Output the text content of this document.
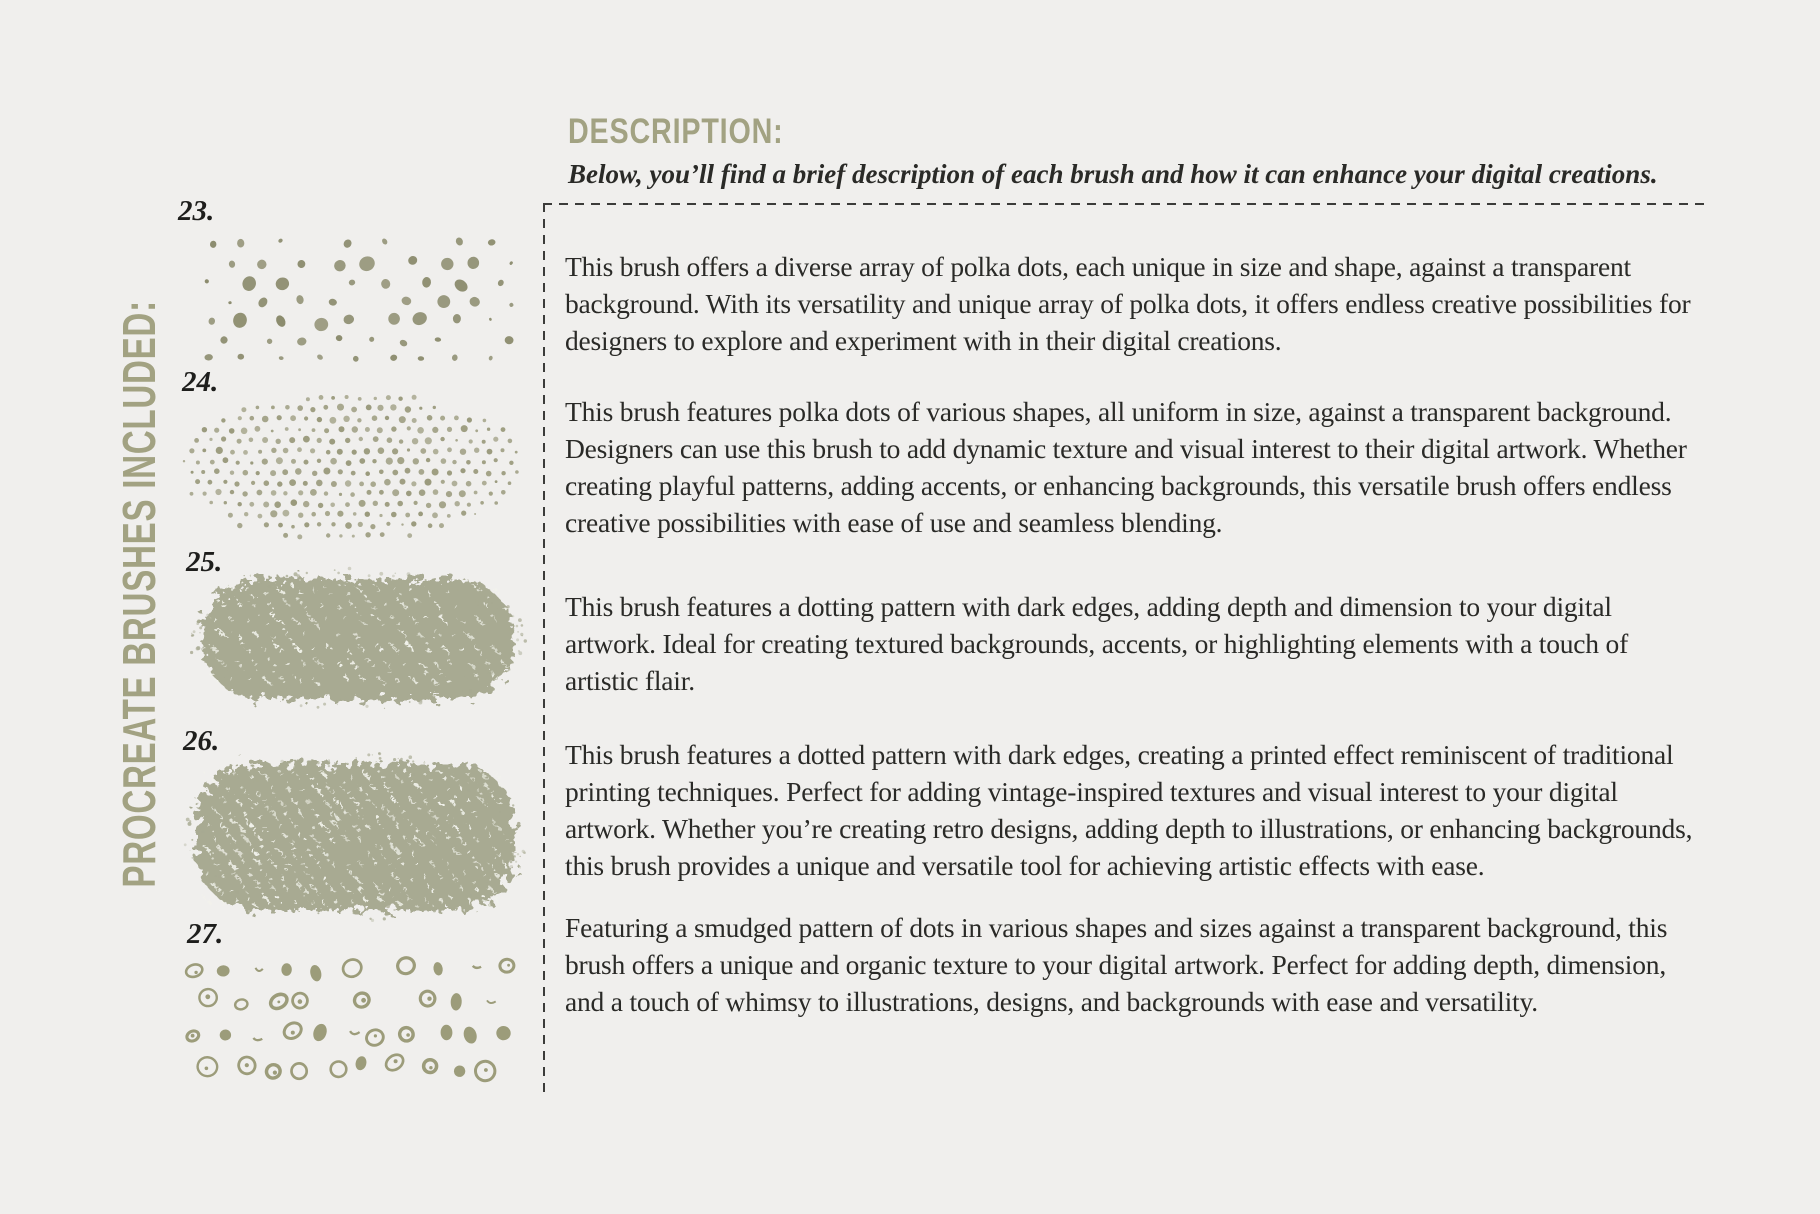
PROCREATE BRUSHES INCLUDED:
23.
24.
25.
26.
27.
DESCRIPTION:

Below, you’ll find a brief description of each brush and how it can enhance your digital creations.

This brush offers a diverse array of polka dots, each unique in size and shape, against a transparent background. With its versatility and unique array of polka dots, it offers endless creative possibilities for designers to explore and experiment with in their digital creations.

This brush features polka dots of various shapes, all uniform in size, against a transparent background. Designers can use this brush to add dynamic texture and visual interest to their digital artwork. Whether creating playful patterns, adding accents, or enhancing backgrounds, this versatile brush offers endless creative possibilities with ease of use and seamless blending.

This brush features a dotting pattern with dark edges, adding depth and dimension to your digital artwork. Ideal for creating textured backgrounds, accents, or highlighting elements with a touch of artistic flair.

This brush features a dotted pattern with dark edges, creating a printed effect reminiscent of traditional printing techniques. Perfect for adding vintage-inspired textures and visual interest to your digital artwork. Whether you’re creating retro designs, adding depth to illustrations, or enhancing backgrounds, this brush provides a unique and versatile tool for achieving artistic effects with ease.

Featuring a smudged pattern of dots in various shapes and sizes against a transparent background, this brush offers a unique and organic texture to your digital artwork. Perfect for adding depth, dimension, and a touch of whimsy to illustrations, designs, and backgrounds with ease and versatility.
